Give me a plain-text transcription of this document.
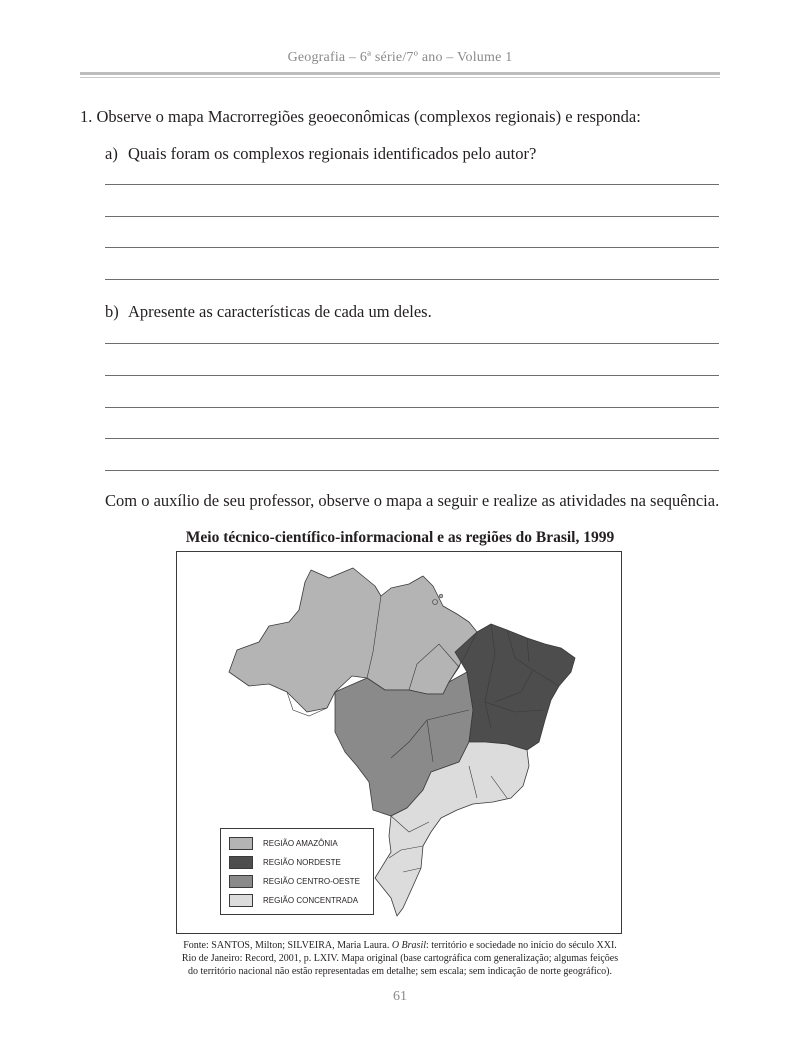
Geografia – 6ª série/7º ano – Volume 1
1. Observe o mapa Macrorregiões geoeconômicas (complexos regionais) e responda:
a) Quais foram os complexos regionais identificados pelo autor?
b) Apresente as características de cada um deles.
Com o auxílio de seu professor, observe o mapa a seguir e realize as atividades na sequência.
Meio técnico-científico-informacional e as regiões do Brasil, 1999
REGIÃO AMAZÔNIA
REGIÃO NORDESTE
REGIÃO CENTRO-OESTE
REGIÃO CONCENTRADA
Fonte: SANTOS, Milton; SILVEIRA, Maria Laura. O Brasil: território e sociedade no início do século XXI.
Rio de Janeiro: Record, 2001, p. LXIV. Mapa original (base cartográfica com generalização; algumas feições
do território nacional não estão representadas em detalhe; sem escala; sem indicação de norte geográfico).
61
